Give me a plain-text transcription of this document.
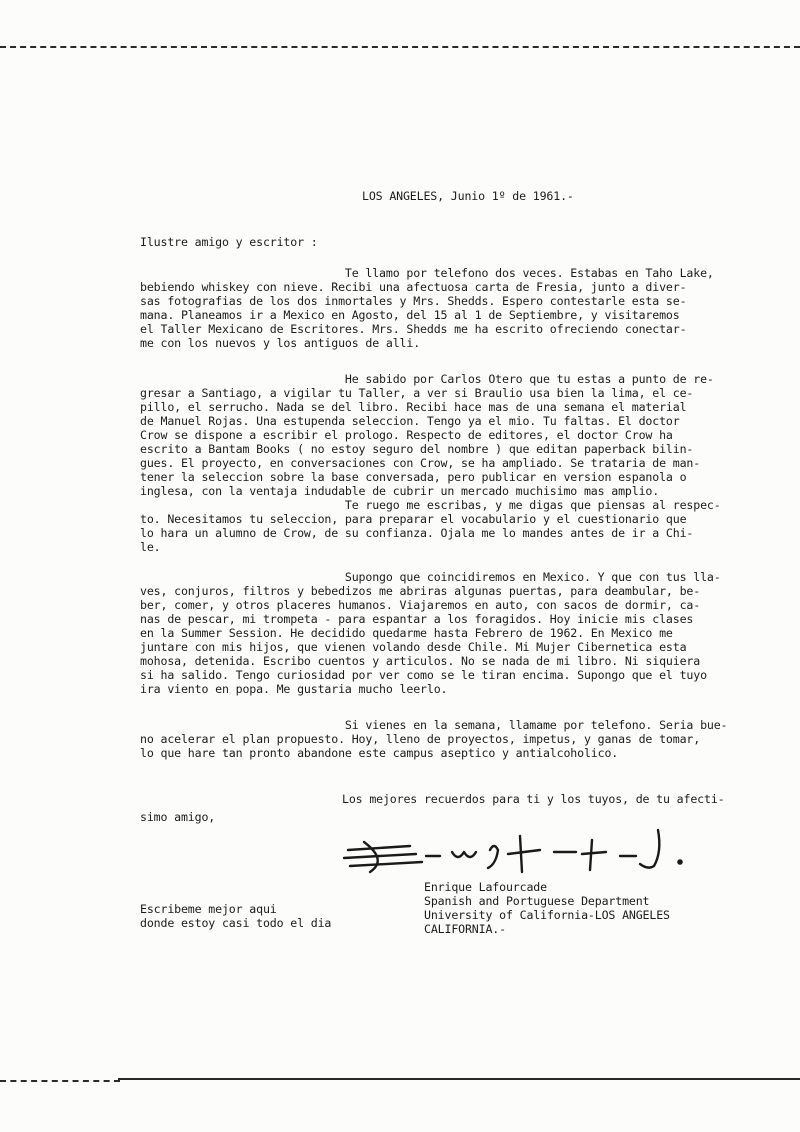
LOS ANGELES, Junio 1º de 1961.-
Ilustre amigo y escritor :
Te llamo por telefono dos veces. Estabas en Taho Lake,
bebiendo whiskey con nieve. Recibi una afectuosa carta de Fresia, junto a diver-
sas fotografias de los dos inmortales y Mrs. Shedds. Espero contestarle esta se-
mana. Planeamos ir a Mexico en Agosto, del 15 al 1 de Septiembre, y visitaremos
el Taller Mexicano de Escritores. Mrs. Shedds me ha escrito ofreciendo conectar-
me con los nuevos y los antiguos de alli.
He sabido por Carlos Otero que tu estas a punto de re-
gresar a Santiago, a vigilar tu Taller, a ver si Braulio usa bien la lima, el ce-
pillo, el serrucho. Nada se del libro. Recibi hace mas de una semana el material
de Manuel Rojas. Una estupenda seleccion. Tengo ya el mio. Tu faltas. El doctor
Crow se dispone a escribir el prologo. Respecto de editores, el doctor Crow ha
escrito a Bantam Books ( no estoy seguro del nombre ) que editan paperback bilin-
gues. El proyecto, en conversaciones con Crow, se ha ampliado. Se trataria de man-
tener la seleccion sobre la base conversada, pero publicar en version espanola o
inglesa, con la ventaja indudable de cubrir un mercado muchisimo mas amplio.
Te ruego me escribas, y me digas que piensas al respec-
to. Necesitamos tu seleccion, para preparar el vocabulario y el cuestionario que
lo hara un alumno de Crow, de su confianza. Ojala me lo mandes antes de ir a Chi-
le.
Supongo que coincidiremos en Mexico. Y que con tus lla-
ves, conjuros, filtros y bebedizos me abriras algunas puertas, para deambular, be-
ber, comer, y otros placeres humanos. Viajaremos en auto, con sacos de dormir, ca-
nas de pescar, mi trompeta - para espantar a los foragidos. Hoy inicie mis clases
en la Summer Session. He decidido quedarme hasta Febrero de 1962. En Mexico me
juntare con mis hijos, que vienen volando desde Chile. Mi Mujer Cibernetica esta
mohosa, detenida. Escribo cuentos y articulos. No se nada de mi libro. Ni siquiera
si ha salido. Tengo curiosidad por ver como se le tiran encima. Supongo que el tuyo
ira viento en popa. Me gustaria mucho leerlo.
Si vienes en la semana, llamame por telefono. Seria bue-
no acelerar el plan propuesto. Hoy, lleno de proyectos, impetus, y ganas de tomar,
lo que hare tan pronto abandone este campus aseptico y antialcoholico.
Los mejores recuerdos para ti y los tuyos, de tu afecti-
simo amigo,
Enrique Lafourcade
Spanish and Portuguese Department
University of California-LOS ANGELES
CALIFORNIA.-
Escribeme mejor aqui
donde estoy casi todo el dia
